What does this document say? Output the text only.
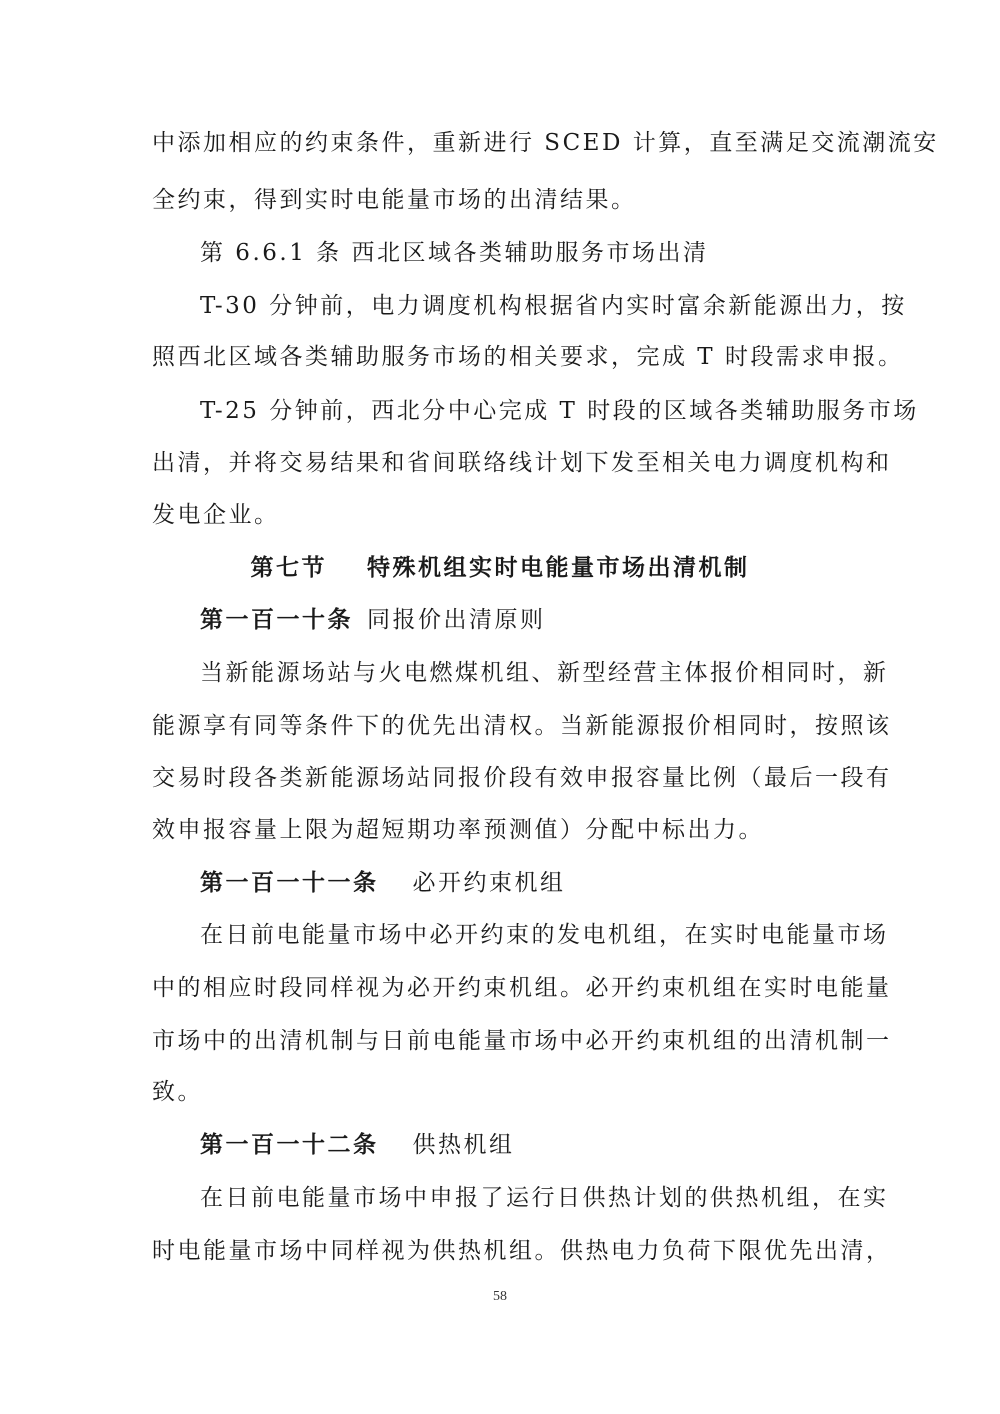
中添加相应的约束条件，重新进行 SCED 计算，直至满足交流潮流安
全约束，得到实时电能量市场的出清结果。
第 6.6.1 条 西北区域各类辅助服务市场出清
T-30 分钟前，电力调度机构根据省内实时富余新能源出力，按
照西北区域各类辅助服务市场的相关要求，完成 T 时段需求申报。
T-25 分钟前，西北分中心完成 T 时段的区域各类辅助服务市场
出清，并将交易结果和省间联络线计划下发至相关电力调度机构和
发电企业。
第七节 特殊机组实时电能量市场出清机制
第一百一十条 同报价出清原则
当新能源场站与火电燃煤机组、新型经营主体报价相同时，新
能源享有同等条件下的优先出清权。当新能源报价相同时，按照该
交易时段各类新能源场站同报价段有效申报容量比例（最后一段有
效申报容量上限为超短期功率预测值）分配中标出力。
第一百一十一条 必开约束机组
在日前电能量市场中必开约束的发电机组，在实时电能量市场
中的相应时段同样视为必开约束机组。必开约束机组在实时电能量
市场中的出清机制与日前电能量市场中必开约束机组的出清机制一
致。
第一百一十二条 供热机组
在日前电能量市场中申报了运行日供热计划的供热机组，在实
时电能量市场中同样视为供热机组。供热电力负荷下限优先出清，
58
